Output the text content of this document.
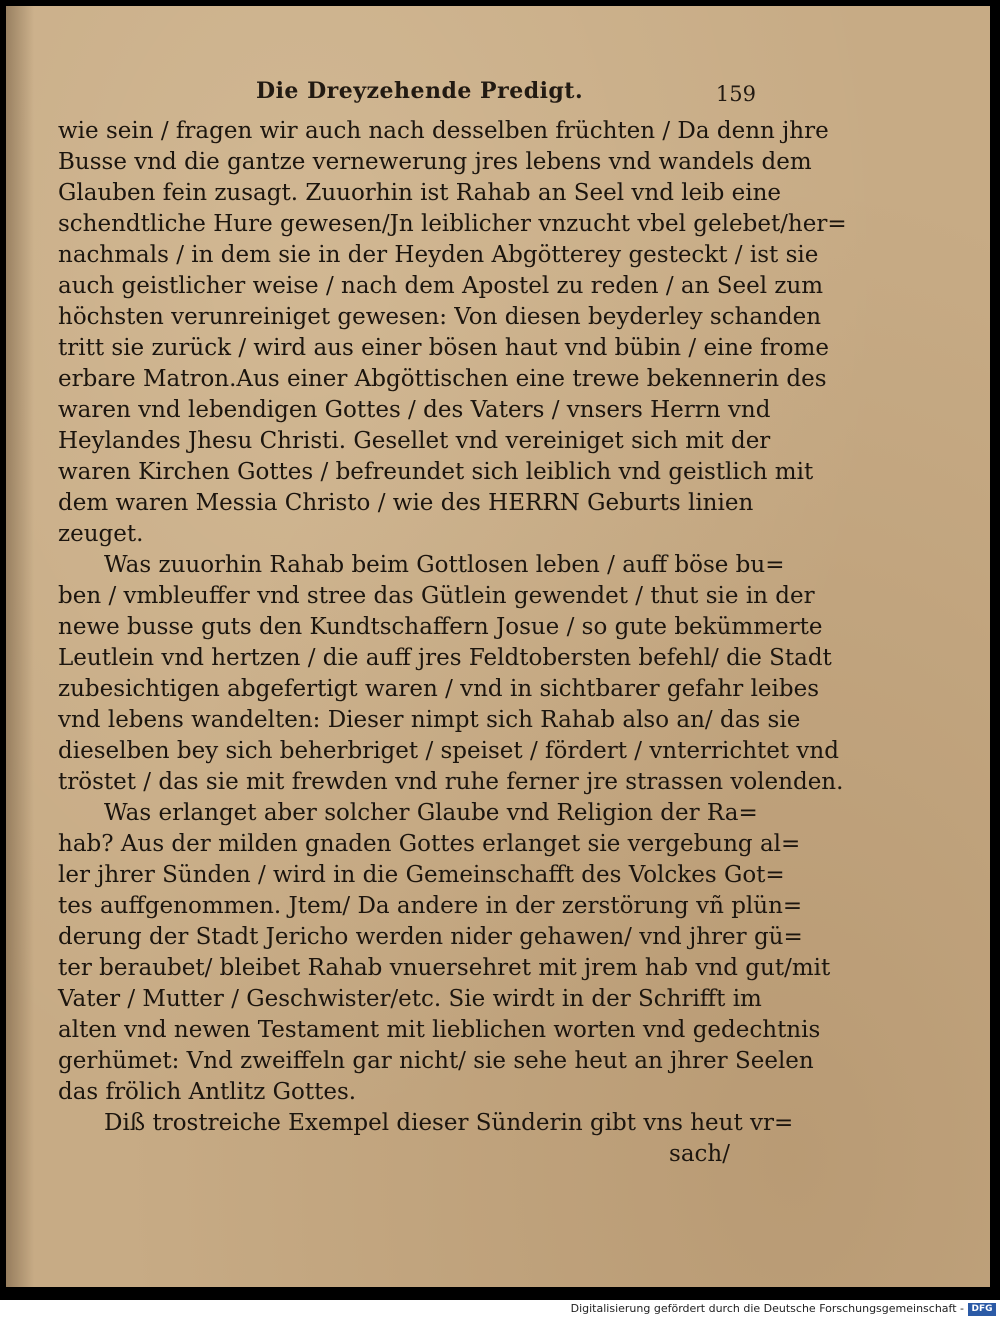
Die Dreyzehende Predigt.	159
wie sein / fragen wir auch nach desselben früchten / Da denn jhre
Busse vnd die gantze vernewerung jres lebens vnd wandels dem
Glauben fein zusagt. Zuuorhin ist Rahab an Seel vnd leib eine
schendtliche Hure gewesen/Jn leiblicher vnzucht vbel gelebet/her=
nachmals / in dem sie in der Heyden Abgötterey gesteckt / ist sie
auch geistlicher weise / nach dem Apostel zu reden / an Seel zum
höchsten verunreiniget gewesen: Von diesen beyderley schanden
tritt sie zurück / wird aus einer bösen haut vnd bübin / eine frome
erbare Matron.Aus einer Abgöttischen eine trewe bekennerin des
waren vnd lebendigen Gottes / des Vaters / vnsers Herrn vnd
Heylandes Jhesu Christi. Gesellet vnd vereiniget sich mit der
waren Kirchen Gottes / befreundet sich leiblich vnd geistlich mit
dem waren Messia Christo / wie des HERRN Geburts linien
zeuget.
Was zuuorhin Rahab beim Gottlosen leben / auff böse bu=
ben / vmbleuffer vnd stree das Gütlein gewendet / thut sie in der
newe busse guts den Kundtschaffern Josue / so gute bekümmerte
Leutlein vnd hertzen / die auff jres Feldtobersten befehl/ die Stadt
zubesichtigen abgefertigt waren / vnd in sichtbarer gefahr leibes
vnd lebens wandelten: Dieser nimpt sich Rahab also an/ das sie
dieselben bey sich beherbriget / speiset / fördert / vnterrichtet vnd
tröstet / das sie mit frewden vnd ruhe ferner jre strassen volenden.
Was erlanget aber solcher Glaube vnd Religion der Ra=
hab? Aus der milden gnaden Gottes erlanget sie vergebung al=
ler jhrer Sünden / wird in die Gemeinschafft des Volckes Got=
tes auffgenommen. Jtem/ Da andere in der zerstörung vñ plün=
derung der Stadt Jericho werden nider gehawen/ vnd jhrer gü=
ter beraubet/ bleibet Rahab vnuersehret mit jrem hab vnd gut/mit
Vater / Mutter / Geschwister/etc. Sie wirdt in der Schrifft im
alten vnd newen Testament mit lieblichen worten vnd gedechtnis
gerhümet: Vnd zweiffeln gar nicht/ sie sehe heut an jhrer Seelen
das frölich Antlitz Gottes.
Diß trostreiche Exempel dieser Sünderin gibt vns heut vr=
sach/
Digitalisierung gefördert durch die Deutsche Forschungsgemeinschaft - DFG
